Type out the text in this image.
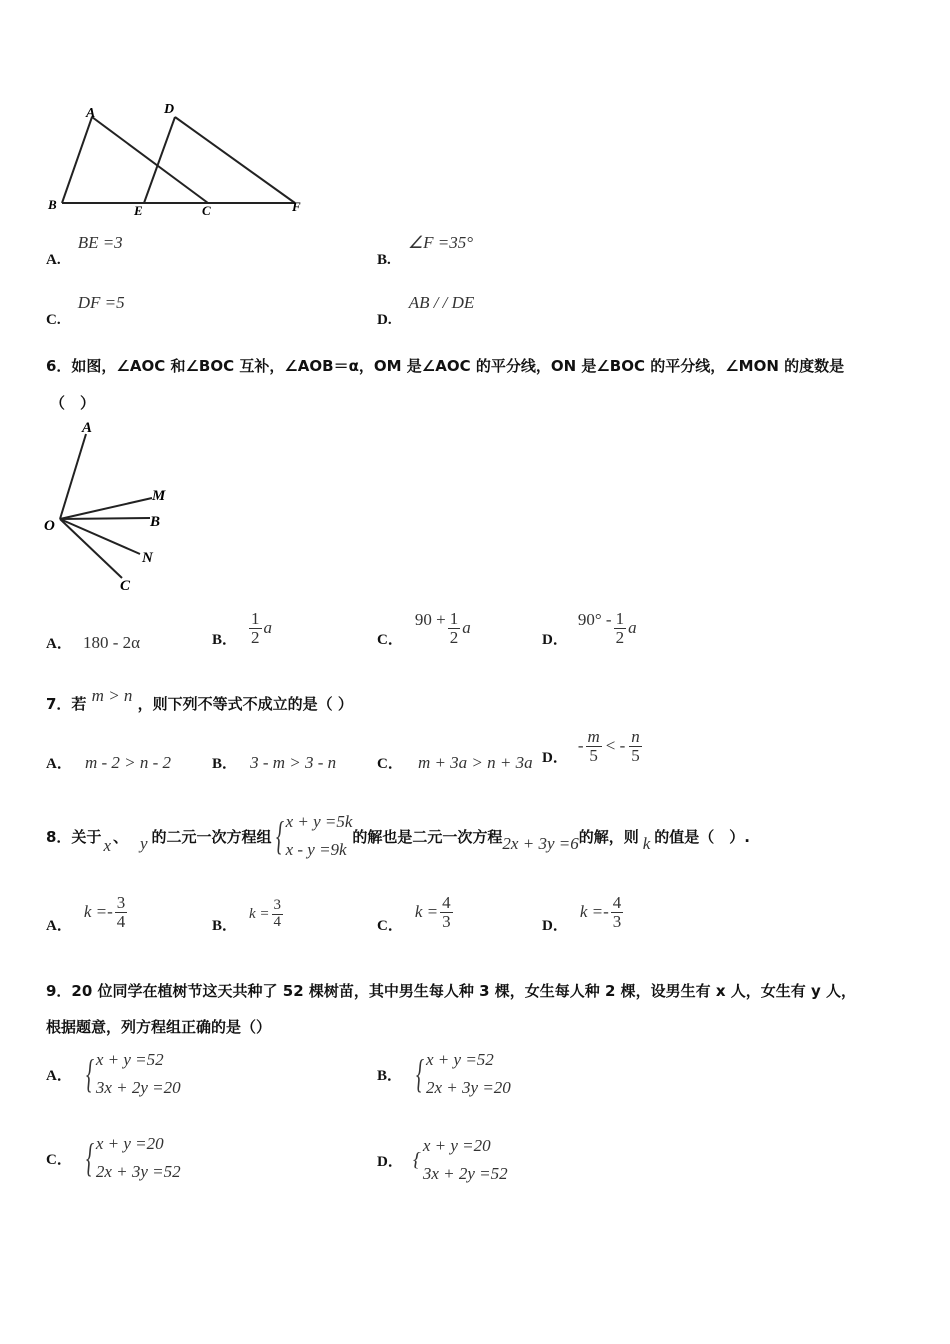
A	D
B	E	C	F
A. BE =3
B. ∠F =35°
C. DF =5
D. AB / / DE
6．如图，∠AOC 和∠BOC 互补，∠AOB＝α，OM 是∠AOC 的平分线，ON 是∠BOC 的平分线，∠MON 的度数是
（　）
A
M
O	B
N
C
A． 180 - 2α	B． $\frac{1}{2}$ a
C．
$90 + \frac{1}{2}$ a
D．
$90^\circ - \frac{1}{2}$ a
7．若 m > n ，则下列不等式不成立的是（ ）
A． m - 2 > n - 2	B． 3 - m > 3 - n	C． m + 3a > n + 3a D．
- $\frac{m}{5}$ < - $\frac{n}{5}$
8．关于 x 、 y 的二元一次方程组 { x + y =5k
x - y =9k
的解也是二元一次方程 2x + 3y =6 的解，则 k 的值是（　）.
A．
$k =- \frac{3}{4}$	B．
$k = \frac{3}{4}$	C．
$k = \frac{4}{3}$	D．
$k =- \frac{4}{3}$
9．20 位同学在植树节这天共种了 52 棵树苗，其中男生每人种 3 棵，女生每人种 2 棵，设男生有 x 人，女生有 y 人，
根据题意，列方程组正确的是（）
A． { x + y =52
3x + 2y =20
B． { x + y =52
2x + 3y =20
C． { x + y =20
2x + 3y =52
D． {
x + y =20
3x + 2y =52
